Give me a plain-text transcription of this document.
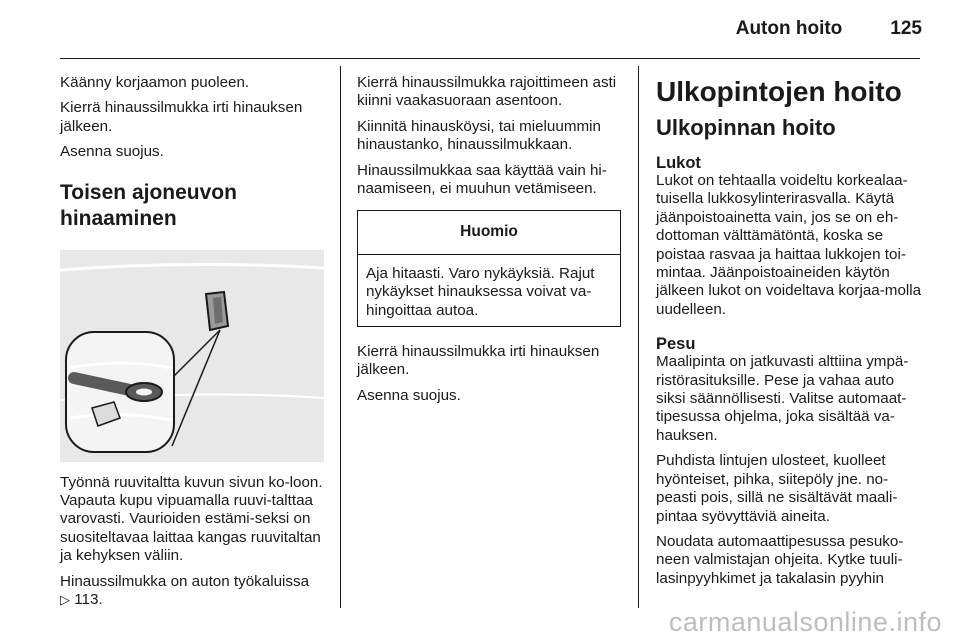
Auton hoito	125

Käänny korjaamon puoleen.

Kierrä hinaussilmukka irti hinauksen jälkeen.

Asenna suojus.

Toisen ajoneuvon hinaaminen

Työnnä ruuvitaltta kuvun sivun ko-loon. Vapauta kupu vipuamalla ruuvi-talttaa varovasti. Vaurioiden estämi-seksi on suositeltavaa laittaa kangas ruuvitaltan ja kehyksen väliin.

Hinaussilmukka on auton työkaluissa
▷ 113.

Kierrä hinaussilmukka rajoittimeen asti kiinni vaakasuoraan asentoon.

Kiinnitä hinausköysi, tai mieluummin hinaustanko, hinaussilmukkaan.

Hinaussilmukkaa saa käyttää vain hi-naamiseen, ei muuhun vetämiseen.

Huomio
Aja hitaasti. Varo nykäyksiä. Rajut nykäykset hinauksessa voivat va-hingoittaa autoa.

Kierrä hinaussilmukka irti hinauksen jälkeen.

Asenna suojus.

Ulkopintojen hoito
Ulkopinnan hoito
Lukot

Lukot on tehtaalla voideltu korkealaa-tuisella lukkosylinterirasvalla. Käytä jäänpoistoainetta vain, jos se on eh-dottoman välttämätöntä, koska se poistaa rasvaa ja haittaa lukkojen toi-mintaa. Jäänpoistoaineiden käytön jälkeen lukot on voideltava korjaa-molla uudelleen.

Pesu

Maalipinta on jatkuvasti alttiina ympä-ristörasituksille. Pese ja vahaa auto siksi säännöllisesti. Valitse automaat-tipesussa ohjelma, joka sisältää va-hauksen.

Puhdista lintujen ulosteet, kuolleet hyönteiset, pihka, siitepöly jne. no-peasti pois, sillä ne sisältävät maali-pintaa syövyttäviä aineita.

Noudata automaattipesussa pesuko-neen valmistajan ohjeita. Kytke tuuli-lasinpyyhkimet ja takalasin pyyhin

carmanualsonline.info
